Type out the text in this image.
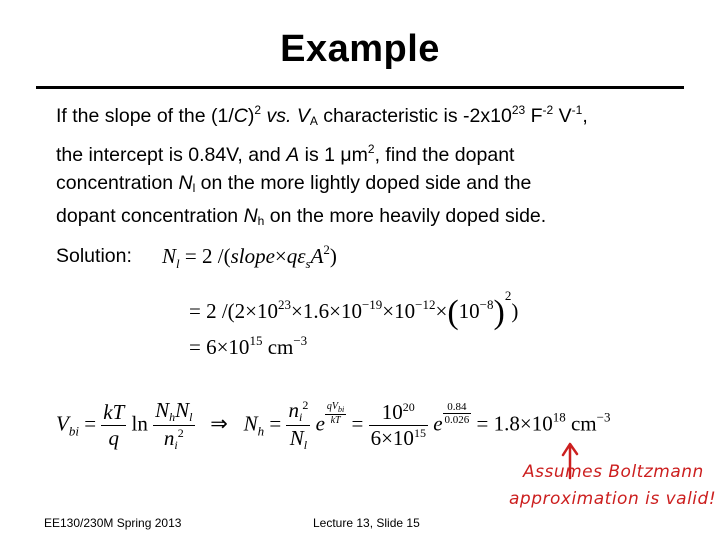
Example
If the slope of the $(1/C)^2$ vs. $V_A$ characteristic is $-2x10^{23}$ $F^{-2}$ $V^{-1}$,
the intercept is 0.84V, and A is 1 $\mu m^2$, find the dopant
concentration $N_l$ on the more lightly doped side and the
dopant concentration $N_h$ on the more heavily doped side.
Solution: $N_l = 2$ $/(slope\times q\varepsilon_sA^2)$
= 2 $/(2\times 10^{23}\times 1.6\times 10^{-19}\times 10^{-12}\times(10^{-8})^2)$
= $6\times 10^{15}$ $cm^{-3}$
$V_{bi} = \frac{kT}{q}$ $\ln \frac{\text{NhNl}}{ni^2}$ ⇒   $N_h = \frac{ni^2}{Nl}$ e $\frac{qV_{bi}}{kT} = \frac{10^{20}}{6\times 10^{15}}$ e $\frac{0.84}{0.026} = 1.8\times 10^{18}$ $cm^{-3}$
Assumes Boltzmann
approximation is valid!
EE130/230M Spring 2013	Lecture 13, Slide 15
